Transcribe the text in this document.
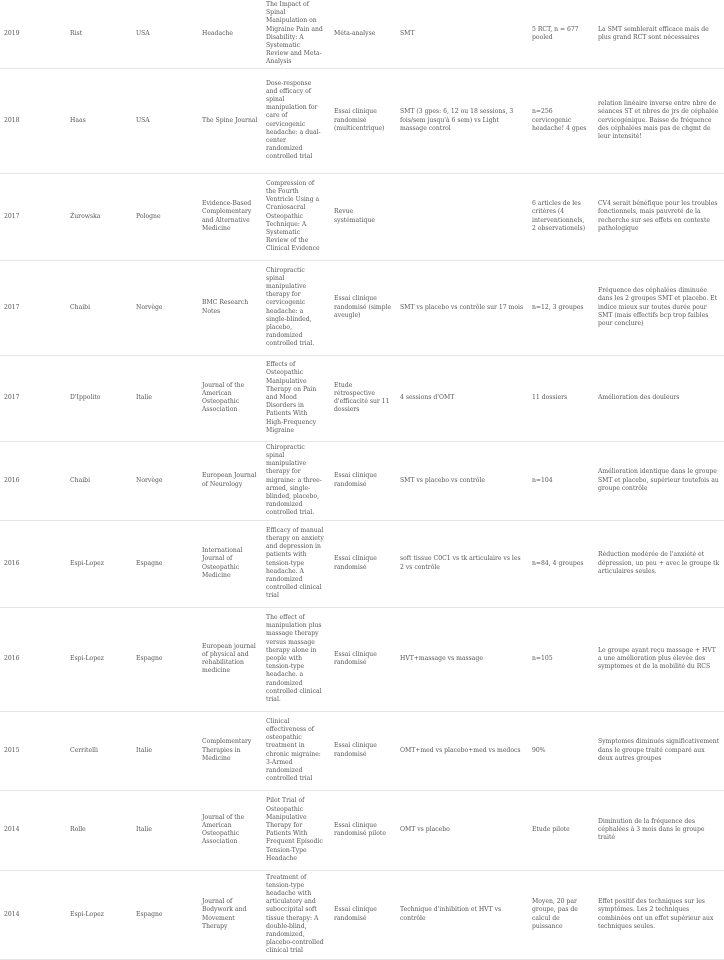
2019	Rist	USA	Headache	The Impact of Spinal Manipulation on Migraine Pain and Disability: A Systematic Review and Meta-Analysis	Méta-analyse	SMT	5 RCT, n = 677 pooled	La SMT semblerait efficace mais de plus grand RCT sont nécessaires
2018	Haas	USA	The Spine Journal	Dose-response and efficacy of spinal manipulation for care of cervicogenic headache: a dual-center randomized controlled trial	Essai clinique randomisé (multicentrique)	SMT (3 gpes: 6, 12 ou 18 sessions, 3 fois/sem jusqu'à 6 sem) vs Light massage control	n=256 cervicogenic headache! 4 gpes	relation linéaire inverse entre nbre de séances ST et nbres de jrs de céphalée cervicogénique. Baisse de fréquence des céphalées mais pas de chgmt de leur intensité!
2017	Żurowska	Pologne	Evidence-Based Complementary and Alternative Medicine	Compression of the Fourth Ventricle Using a Craniosacral Osteopathic Technique: A Systematic Review of the Clinical Evidence	Revue systématique		6 articles de les critères (4 interventionnels, 2 observationels)	CV4 serait bénéfique pour les troubles fonctionnels, mais pauvreté de la recherche sur ses effets en contexte pathologique
2017	Chaibi	Norvège	BMC Research Notes	Chiropractic spinal manipulative therapy for cervicogenic headache: a single-blinded, placebo, randomized controlled trial.	Essai clinique randomisé (simple aveugle)	SMT vs placebo vs contrôle sur 17 mois	n=12, 3 groupes	Fréquence des céphalées diminuée dans les 2 groupes SMT et placebo. Et indice mieux sur toutes durée pour SMT (mais effectifs bcp trop faibles pour conclure)
2017	D'Ippolito	Italie	Journal of the American Osteopathic Association	Effects of Osteopathic Manipulative Therapy on Pain and Mood Disorders in Patients With High-Frequency Migraine	Etude rétrospective d'efficacité sur 11 dossiers	4 sessions d'OMT	11 dossiers	Amélioration des douleurs
2016	Chaibi	Norvège	European Journal of Neurology	Chiropractic spinal manipulative therapy for migraine: a three-armed, single-blinded, placebo, randomized controlled trial.	Essai clinique randomisé	SMT vs placebo vs contrôle	n=104	Amélioration identique dans le groupe SMT et placebo, supérieur toutefois au groupe contrôle
2016	Espi-Lopez	Espagne	International Journal of Osteopathic Medicine	Efficacy of manual therapy on anxiety and depression in patients with tension-type headache. A randomized controlled clinical trial	Essai clinique randomisé	soft tissue C0C1 vs tk articulaire vs les 2 vs contrôle	n=84, 4 groupes	Réduction modérée de l'anxiété et dépression, un peu + avec le groupe tk articulaires seules.
2016	Espi-Lopez	Espagne	European journal of physical and rehabilitation medicine	The effect of manipulation plus massage therapy versus massage therapy alone in people with tension-type headache. a randomized controlled clinical trial.	Essai clinique randomisé	HVT+massage vs massage	n=105	Le groupe ayant reçu massage + HVT a une amélioration plus élevée des symptomes et de la mobilité du RCS
2015	Cerritelli	Italie	Complementary Therapies in Medicine	Clinical effectiveness of osteopathic treatment in chronic migraine: 3-Armed randomized controlled trial	Essai clinique randomisé	OMT+med vs placebo+med vs medocs	90%	Symptomes diminués significativement dans le groupe traité comparé aux deux autres groupes
2014	Rolle	Italie	Journal of the American Osteopathic Association	Pilot Trial of Osteopathic Manipulative Therapy for Patients With Frequent Episodic Tension-Type Headache	Essai clinique randomisé pilote	OMT vs placebo	Etude pilote	Diminution de la fréquence des céphalées à 3 mois dans le groupe traité
2014	Espi-Lopez	Espagne	Journal of Bodywork and Movement Therapy	Treatment of tension-type headache with articulatory and suboccipital soft tissue therapy: A double-blind, randomized, placebo-controlled clinical trial	Essai clinique randomisé	Technique d'inhibition et HVT vs contrôle	Moyen, 20 par groupe, pas de calcul de puissance	Effet positif des techniques sur les symptômes. Les 2 techniques combinées ont un effet supérieur aux techniques seules.
